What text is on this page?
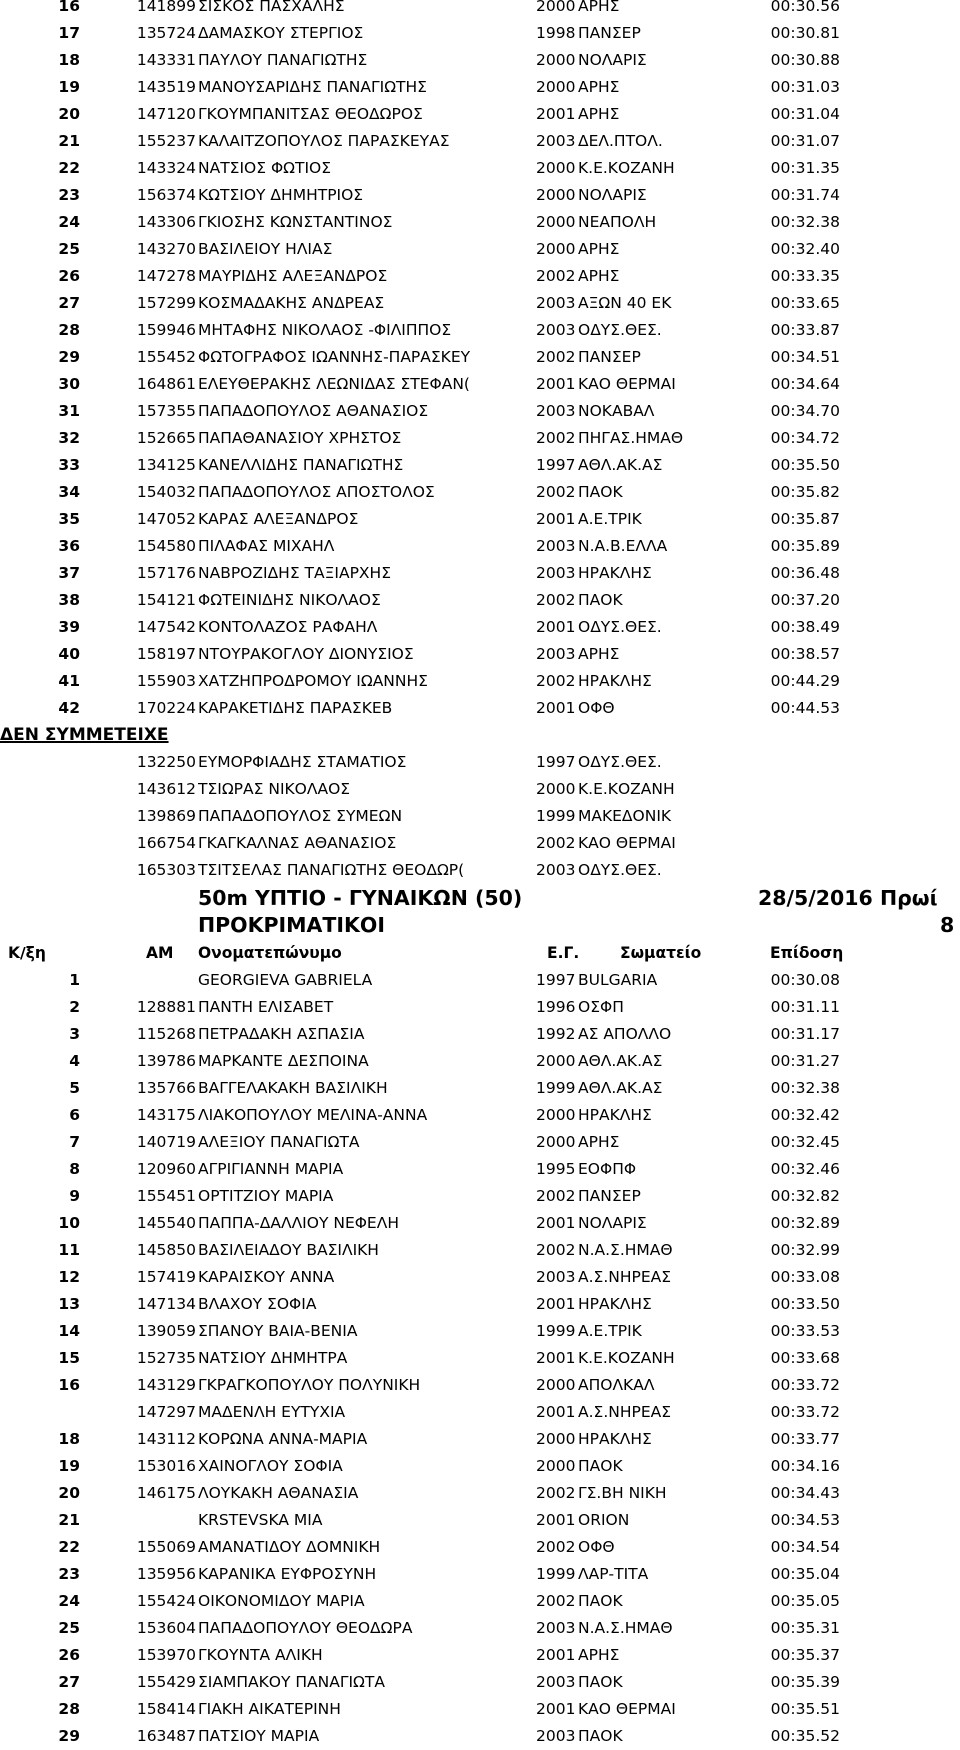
16	141899 ΣΙΣΚΟΣ ΠΑΣΧΑΛΗΣ	2000 ΑΡΗΣ	00:30.56
17	135724 ΔΑΜΑΣΚΟΥ ΣΤΕΡΓΙΟΣ	1998 ΠΑΝΣΕΡ	00:30.81
18	143331 ΠΑΥΛΟΥ ΠΑΝΑΓΙΩΤΗΣ	2000 ΝΟΛΑΡΙΣ	00:30.88
19	143519 ΜΑΝΟΥΣΑΡΙΔΗΣ ΠΑΝΑΓΙΩΤΗΣ	2000 ΑΡΗΣ	00:31.03
20	147120 ΓΚΟΥΜΠΑΝΙΤΣΑΣ ΘΕΟΔΩΡΟΣ	2001 ΑΡΗΣ	00:31.04
21	155237 ΚΑΛΑΙΤΖΟΠΟΥΛΟΣ ΠΑΡΑΣΚΕΥΑΣ	2003 ΔΕΛ.ΠΤΟΛ.	00:31.07
22	143324 ΝΑΤΣΙΟΣ ΦΩΤΙΟΣ	2000 Κ.Ε.ΚΟΖΑΝΗ	00:31.35
23	156374 ΚΩΤΣΙΟΥ ΔΗΜΗΤΡΙΟΣ	2000 ΝΟΛΑΡΙΣ	00:31.74
24	143306 ΓΚΙΟΣΗΣ ΚΩΝΣΤΑΝΤΙΝΟΣ	2000 ΝΕΑΠΟΛΗ	00:32.38
25	143270 ΒΑΣΙΛΕΙΟΥ ΗΛΙΑΣ	2000 ΑΡΗΣ	00:32.40
26	147278 ΜΑΥΡΙΔΗΣ ΑΛΕΞΑΝΔΡΟΣ	2002 ΑΡΗΣ	00:33.35
27	157299 ΚΟΣΜΑΔΑΚΗΣ ΑΝΔΡΕΑΣ	2003 ΑΞΩΝ 40 ΕΚ	00:33.65
28	159946 ΜΗΤΑΦΗΣ ΝΙΚΟΛΑΟΣ -ΦΙΛΙΠΠΟΣ	2003 ΟΔΥΣ.ΘΕΣ.	00:33.87
29	155452 ΦΩΤΟΓΡΑΦΟΣ ΙΩΑΝΝΗΣ-ΠΑΡΑΣΚΕΥ	2002 ΠΑΝΣΕΡ	00:34.51
30	164861 ΕΛΕΥΘΕΡΑΚΗΣ ΛΕΩΝΙΔΑΣ ΣΤΕΦΑΝ(	2001 ΚΑΟ ΘΕΡΜΑΙ	00:34.64
31	157355 ΠΑΠΑΔΟΠΟΥΛΟΣ ΑΘΑΝΑΣΙΟΣ	2003 ΝΟΚΑΒΑΛ	00:34.70
32	152665 ΠΑΠΑΘΑΝΑΣΙΟΥ ΧΡΗΣΤΟΣ	2002 ΠΗΓΑΣ.ΗΜΑΘ	00:34.72
33	134125 ΚΑΝΕΛΛΙΔΗΣ ΠΑΝΑΓΙΩΤΗΣ	1997 ΑΘΛ.ΑΚ.ΑΣ	00:35.50
34	154032 ΠΑΠΑΔΟΠΟΥΛΟΣ ΑΠΟΣΤΟΛΟΣ	2002 ΠΑΟΚ	00:35.82
35	147052 ΚΑΡΑΣ ΑΛΕΞΑΝΔΡΟΣ	2001 Α.Ε.ΤΡΙΚ	00:35.87
36	154580 ΠΙΛΑΦΑΣ ΜΙΧΑΗΛ	2003 Ν.Α.Β.ΕΛΛΑ	00:35.89
37	157176 ΝΑΒΡΟΖΙΔΗΣ ΤΑΞΙΑΡΧΗΣ	2003 ΗΡΑΚΛΗΣ	00:36.48
38	154121 ΦΩΤΕΙΝΙΔΗΣ ΝΙΚΟΛΑΟΣ	2002 ΠΑΟΚ	00:37.20
39	147542 ΚΟΝΤΟΛΑΖΟΣ ΡΑΦΑΗΛ	2001 ΟΔΥΣ.ΘΕΣ.	00:38.49
40	158197 ΝΤΟΥΡΑΚΟΓΛΟΥ ΔΙΟΝΥΣΙΟΣ	2003 ΑΡΗΣ	00:38.57
41	155903 ΧΑΤΖΗΠΡΟΔΡΟΜΟΥ ΙΩΑΝΝΗΣ	2002 ΗΡΑΚΛΗΣ	00:44.29
42	170224 ΚΑΡΑΚΕΤΙΔΗΣ ΠΑΡΑΣΚΕΒ	2001 ΟΦΘ	00:44.53
ΔΕΝ ΣΥΜΜΕΤΕΙΧΕ
132250 ΕΥΜΟΡΦΙΑΔΗΣ ΣΤΑΜΑΤΙΟΣ	1997 ΟΔΥΣ.ΘΕΣ.
143612 ΤΣΙΩΡΑΣ ΝΙΚΟΛΑΟΣ	2000 Κ.Ε.ΚΟΖΑΝΗ
139869 ΠΑΠΑΔΟΠΟΥΛΟΣ ΣΥΜΕΩΝ	1999 ΜΑΚΕΔΟΝΙΚ
166754 ΓΚΑΓΚΑΛΝΑΣ ΑΘΑΝΑΣΙΟΣ	2002 ΚΑΟ ΘΕΡΜΑΙ
165303 ΤΣΙΤΣΕΛΑΣ ΠΑΝΑΓΙΩΤΗΣ ΘΕΟΔΩΡ(	2003 ΟΔΥΣ.ΘΕΣ.
50m ΥΠΤΙΟ - ΓΥΝΑΙΚΩΝ (50)	28/5/2016 Πρωί
ΠΡΟΚΡΙΜΑΤΙΚΟΙ	8
Κ/ξη	ΑΜ Ονοματεπώνυμο	Ε.Γ.	Σωματείο	Επίδοση
1	GEORGIEVA GABRIELA	1997 BULGARIA	00:30.08
2	128881 ΠΑΝΤΗ ΕΛΙΣΑΒΕΤ	1996 ΟΣΦΠ	00:31.11
3	115268 ΠΕΤΡΑΔΑΚΗ ΑΣΠΑΣΙΑ	1992 ΑΣ ΑΠΟΛΛΟ	00:31.17
4	139786 ΜΑΡΚΑΝΤΕ ΔΕΣΠΟΙΝΑ	2000 ΑΘΛ.ΑΚ.ΑΣ	00:31.27
5	135766 ΒΑΓΓΕΛΑΚΑΚΗ ΒΑΣΙΛΙΚΗ	1999 ΑΘΛ.ΑΚ.ΑΣ	00:32.38
6	143175 ΛΙΑΚΟΠΟΥΛΟΥ ΜΕΛΙΝΑ-ΑΝΝΑ	2000 ΗΡΑΚΛΗΣ	00:32.42
7	140719 ΑΛΕΞΙΟΥ ΠΑΝΑΓΙΩΤΑ	2000 ΑΡΗΣ	00:32.45
8	120960 ΑΓΡΙΓΙΑΝΝΗ ΜΑΡΙΑ	1995 ΕΟΦΠΦ	00:32.46
9	155451 ΟΡΤΙΤΖΙΟΥ ΜΑΡΙΑ	2002 ΠΑΝΣΕΡ	00:32.82
10	145540 ΠΑΠΠΑ-ΔΑΛΛΙΟΥ ΝΕΦΕΛΗ	2001 ΝΟΛΑΡΙΣ	00:32.89
11	145850 ΒΑΣΙΛΕΙΑΔΟΥ ΒΑΣΙΛΙΚΗ	2002 Ν.Α.Σ.ΗΜΑΘ	00:32.99
12	157419 ΚΑΡΑΙΣΚΟΥ ΑΝΝΑ	2003 Α.Σ.ΝΗΡΕΑΣ	00:33.08
13	147134 ΒΛΑΧΟΥ ΣΟΦΙΑ	2001 ΗΡΑΚΛΗΣ	00:33.50
14	139059 ΣΠΑΝΟΥ ΒΑΙΑ-ΒΕΝΙΑ	1999 Α.Ε.ΤΡΙΚ	00:33.53
15	152735 ΝΑΤΣΙΟΥ ΔΗΜΗΤΡΑ	2001 Κ.Ε.ΚΟΖΑΝΗ	00:33.68
16	143129 ΓΚΡΑΓΚΟΠΟΥΛΟΥ ΠΟΛΥΝΙΚΗ	2000 ΑΠΟΛΚΑΛ	00:33.72
147297 ΜΑΔΕΝΛΗ ΕΥΤΥΧΙΑ	2001 Α.Σ.ΝΗΡΕΑΣ	00:33.72
18	143112 ΚΟΡΩΝΑ ΑΝΝΑ-ΜΑΡΙΑ	2000 ΗΡΑΚΛΗΣ	00:33.77
19	153016 ΧΑΙΝΟΓΛΟΥ ΣΟΦΙΑ	2000 ΠΑΟΚ	00:34.16
20	146175 ΛΟΥΚΑΚΗ ΑΘΑΝΑΣΙΑ	2002 ΓΣ.ΒΗ ΝΙΚΗ	00:34.43
21	KRSTEVSKA MIA	2001 ORION	00:34.53
22	155069 ΑΜΑΝΑΤΙΔΟΥ ΔΟΜΝΙΚΗ	2002 ΟΦΘ	00:34.54
23	135956 ΚΑΡΑΝΙΚΑ ΕΥΦΡΟΣΥΝΗ	1999 ΛΑΡ-ΤΙΤΑ	00:35.04
24	155424 ΟΙΚΟΝΟΜΙΔΟΥ ΜΑΡΙΑ	2002 ΠΑΟΚ	00:35.05
25	153604 ΠΑΠΑΔΟΠΟΥΛΟΥ ΘΕΟΔΩΡΑ	2003 Ν.Α.Σ.ΗΜΑΘ	00:35.31
26	153970 ΓΚΟΥΝΤΑ ΑΛΙΚΗ	2001 ΑΡΗΣ	00:35.37
27	155429 ΣΙΑΜΠΑΚΟΥ ΠΑΝΑΓΙΩΤΑ	2003 ΠΑΟΚ	00:35.39
28	158414 ΓΙΑΚΗ ΑΙΚΑΤΕΡΙΝΗ	2001 ΚΑΟ ΘΕΡΜΑΙ	00:35.51
29	163487 ΠΑΤΣΙΟΥ ΜΑΡΙΑ	2003 ΠΑΟΚ	00:35.52
